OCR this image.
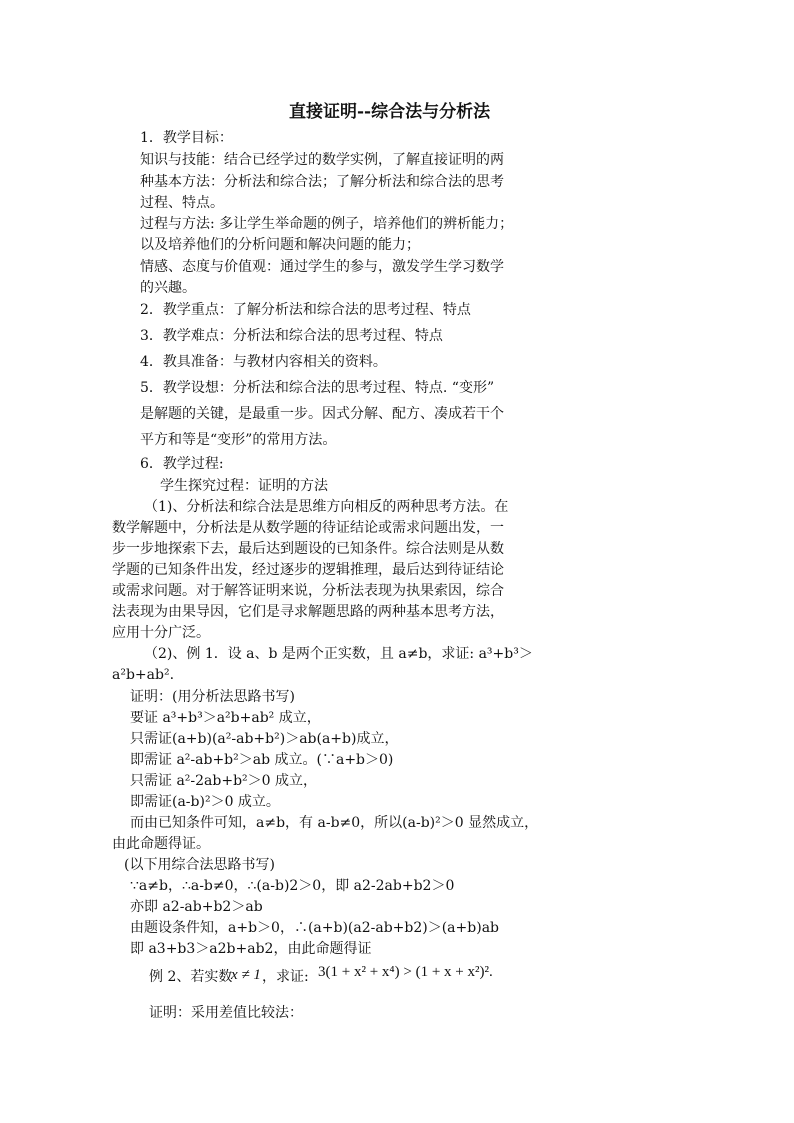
直接证明--综合法与分析法
1．教学目标：
知识与技能：结合已经学过的数学实例，了解直接证明的两
种基本方法：分析法和综合法；了解分析法和综合法的思考
过程、特点。
过程与方法: 多让学生举命题的例子，培养他们的辨析能力；
以及培养他们的分析问题和解决问题的能力；
情感、态度与价值观：通过学生的参与，激发学生学习数学
的兴趣。
2．教学重点：了解分析法和综合法的思考过程、特点
3．教学难点：分析法和综合法的思考过程、特点
4．教具准备：与教材内容相关的资料。
5．教学设想：分析法和综合法的思考过程、特点. “变形”
是解题的关键，是最重一步。因式分解、配方、凑成若干个
平方和等是“变形”的常用方法。
6．教学过程:
学生探究过程：证明的方法
（1)、分析法和综合法是思维方向相反的两种思考方法。在
数学解题中，分析法是从数学题的待证结论或需求问题出发，一
步一步地探索下去，最后达到题设的已知条件。综合法则是从数
学题的已知条件出发，经过逐步的逻辑推理，最后达到待证结论
或需求问题。对于解答证明来说，分析法表现为执果索因，综合
法表现为由果导因，它们是寻求解题思路的两种基本思考方法，
应用十分广泛。
（2)、例 1．设 a、b 是两个正实数，且 a≠b，求证: a³+b³＞
a²b+ab².
证明：(用分析法思路书写)
要证 a³+b³＞a²b+ab² 成立，
只需证(a+b)(a²-ab+b²)＞ab(a+b)成立，
即需证 a²-ab+b²＞ab 成立。(∵a+b＞0)
只需证 a²-2ab+b²＞0 成立，
即需证(a-b)²＞0 成立。
而由已知条件可知，a≠b，有 a-b≠0，所以(a-b)²＞0 显然成立，
由此命题得证。
(以下用综合法思路书写)
∵a≠b，∴a-b≠0，∴(a-b)2＞0，即 a2-2ab+b2＞0
亦即 a2-ab+b2＞ab
由题设条件知，a+b＞0，∴(a+b)(a2-ab+b2)＞(a+b)ab
即 a3+b3＞a2b+ab2，由此命题得证
例 2、若实数
x ≠ 1 ，求证: 3(1 + x² + x⁴) > (1 + x + x²)².
证明：采用差值比较法：
